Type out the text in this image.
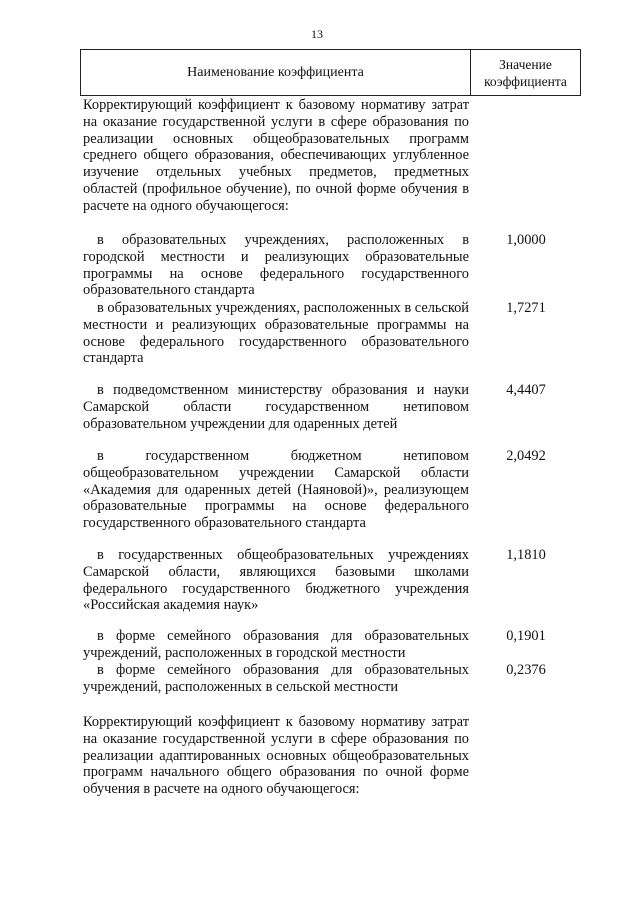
13
Наименование коэффициента
Значение коэффициента
Корректирующий коэффициент к базовому нормативу затрат на оказание государственной услуги в сфере образования по реализации основных общеобразовательных программ среднего общего образования, обеспечивающих углубленное изучение отдельных учебных предметов, предметных областей (профильное обучение), по очной форме обучения в расчете на одного обучающегося:
в образовательных учреждениях, расположенных в городской местности и реализующих образовательные программы на основе федерального государственного образовательного стандарта
1,0000
в образовательных учреждениях, расположенных в сельской местности и реализующих образовательные программы на основе федерального государственного образовательного стандарта
1,7271
в подведомственном министерству образования и науки Самарской области государственном нетиповом образовательном учреждении для одаренных детей
4,4407
в государственном бюджетном нетиповом общеобразовательном учреждении Самарской области «Академия для одаренных детей (Наяновой)», реализующем образовательные программы на основе федерального государственного образовательного стандарта
2,0492
в государственных общеобразовательных учреждениях Самарской области, являющихся базовыми школами федерального государственного бюджетного учреждения «Российская академия наук»
1,1810
в форме семейного образования для образовательных учреждений, расположенных в городской местности
0,1901
в форме семейного образования для образовательных учреждений, расположенных в сельской местности
0,2376
Корректирующий коэффициент к базовому нормативу затрат на оказание государственной услуги в сфере образования по реализации адаптированных основных общеобразовательных программ начального общего образования по очной форме обучения в расчете на одного обучающегося:
